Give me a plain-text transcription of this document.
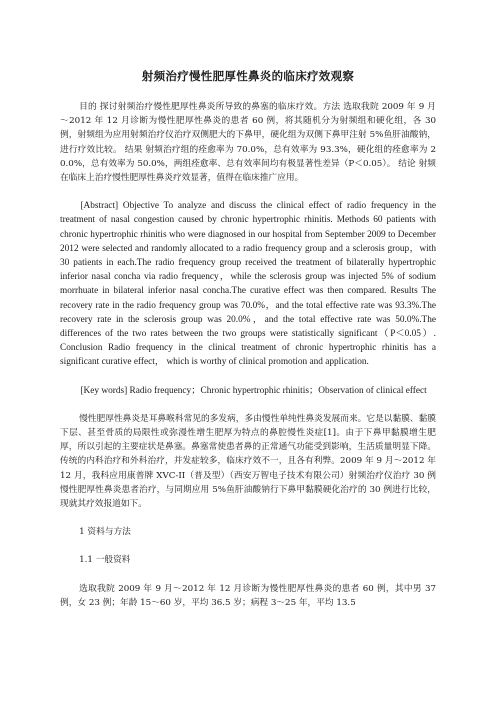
射频治疗慢性肥厚性鼻炎的临床疗效观察

目的 探讨射频治疗慢性肥厚性鼻炎所导致的鼻塞的临床疗效。方法 选取我院 2009 年 9 月～2012 年 12 月诊断为慢性肥厚性鼻炎的患者 60 例，将其随机分为射频组和硬化组，各 30 例，射频组为应用射频治疗仪治疗双侧肥大的下鼻甲，硬化组为双侧下鼻甲注射 5%鱼肝油酸钠，进行疗效比较。 结果 射频治疗组的痊愈率为 70.0%，总有效率为 93.3%，硬化组的痊愈率为 20.0%，总有效率为 50.0%，两组痊愈率、总有效率间均有极显著性差异（P＜0.05）。 结论 射频在临床上治疗慢性肥厚性鼻炎疗效显著，值得在临床推广应用。

[Abstract] Objective To analyze and discuss the clinical effect of radio frequency in the treatment of nasal congestion caused by chronic hypertrophic rhinitis. Methods 60 patients with chronic hypertrophic rhinitis who were diagnosed in our hospital from September 2009 to December 2012 were selected and randomly allocated to a radio frequency group and a sclerosis group，with 30 patients in each.The radio frequency group received the treatment of bilaterally hypertrophic inferior nasal concha via radio frequency，while the sclerosis group was injected 5% of sodium morrhuate in bilateral inferior nasal concha.The curative effect was then compared. Results The recovery rate in the radio frequency group was 70.0%，and the total effective rate was 93.3%.The recovery rate in the sclerosis group was 20.0%，and the total effective rate was 50.0%.The differences of the two rates between the two groups were statistically significant（P＜0.05）. Conclusion Radio frequency in the clinical treatment of chronic hypertrophic rhinitis has a significant curative effect， which is worthy of clinical promotion and application.

[Key words] Radio frequency；Chronic hypertrophic rhinitis；Observation of clinical effect

慢性肥厚性鼻炎是耳鼻喉科常见的多发病，多由慢性单纯性鼻炎发展而来。它是以黏膜、黏膜下层、甚至骨质的局限性或弥漫性增生肥厚为特点的鼻腔慢性炎症[1]。由于下鼻甲黏膜增生肥厚，所以引起的主要症状是鼻塞。鼻塞常使患者鼻的正常通气功能受到影响，生活质量明显下降。传统的内科治疗和外科治疗，并发症较多，临床疗效不一，且各有利弊。2009 年 9 月～2012 年 12 月，我科应用康普牌 XVC-II（普及型）（西安万智电子技术有限公司）射频治疗仪治疗 30 例慢性肥厚性鼻炎患者治疗，与同期应用 5%鱼肝油酸钠行下鼻甲黏膜硬化治疗的 30 例进行比较，现就其疗效报道如下。

1 资料与方法
1.1 一般资料

选取我院 2009 年 9 月～2012 年 12 月诊断为慢性肥厚性鼻炎的患者 60 例，其中男 37 例，女 23 例；年龄 15～60 岁，平均 36.5 岁；病程 3～25 年，平均 13.5
